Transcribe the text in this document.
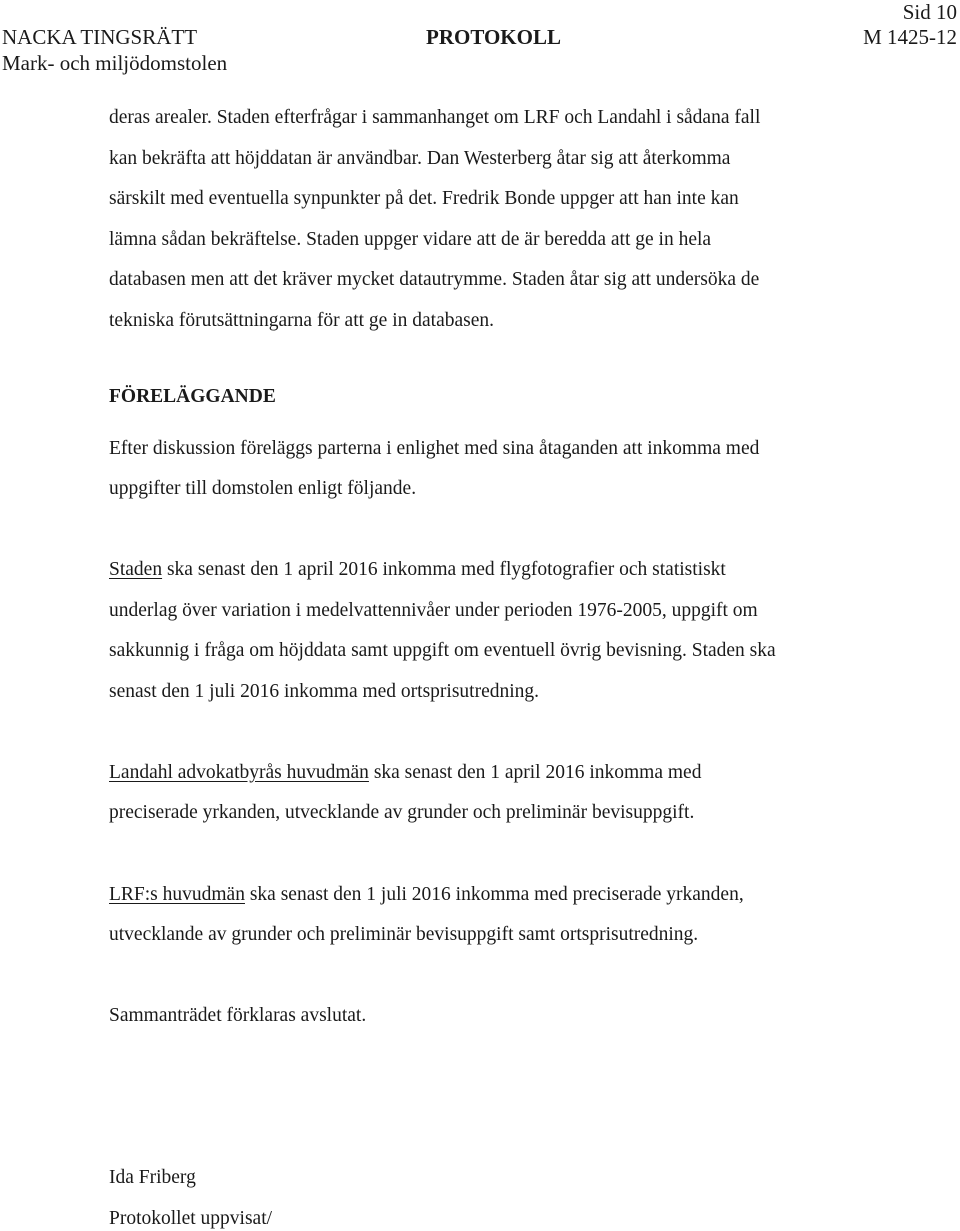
Sid 10
NACKA TINGSRÄTT	PROTOKOLL	M 1425-12
Mark- och miljödomstolen
deras arealer. Staden efterfrågar i sammanhanget om LRF och Landahl i sådana fall
kan bekräfta att höjddatan är användbar. Dan Westerberg åtar sig att återkomma
särskilt med eventuella synpunkter på det. Fredrik Bonde uppger att han inte kan
lämna sådan bekräftelse. Staden uppger vidare att de är beredda att ge in hela
databasen men att det kräver mycket datautrymme. Staden åtar sig att undersöka de
tekniska förutsättningarna för att ge in databasen.
FÖRELÄGGANDE
Efter diskussion föreläggs parterna i enlighet med sina åtaganden att inkomma med
uppgifter till domstolen enligt följande.
Staden ska senast den 1 april 2016 inkomma med flygfotografier och statistiskt
underlag över variation i medelvattennivåer under perioden 1976-2005, uppgift om
sakkunnig i fråga om höjddata samt uppgift om eventuell övrig bevisning. Staden ska
senast den 1 juli 2016 inkomma med ortsprisutredning.
Landahl advokatbyrås huvudmän ska senast den 1 april 2016 inkomma med
preciserade yrkanden, utvecklande av grunder och preliminär bevisuppgift.
LRF:s huvudmän ska senast den 1 juli 2016 inkomma med preciserade yrkanden,
utvecklande av grunder och preliminär bevisuppgift samt ortsprisutredning.
Sammanträdet förklaras avslutat.
Ida Friberg
Protokollet uppvisat/
